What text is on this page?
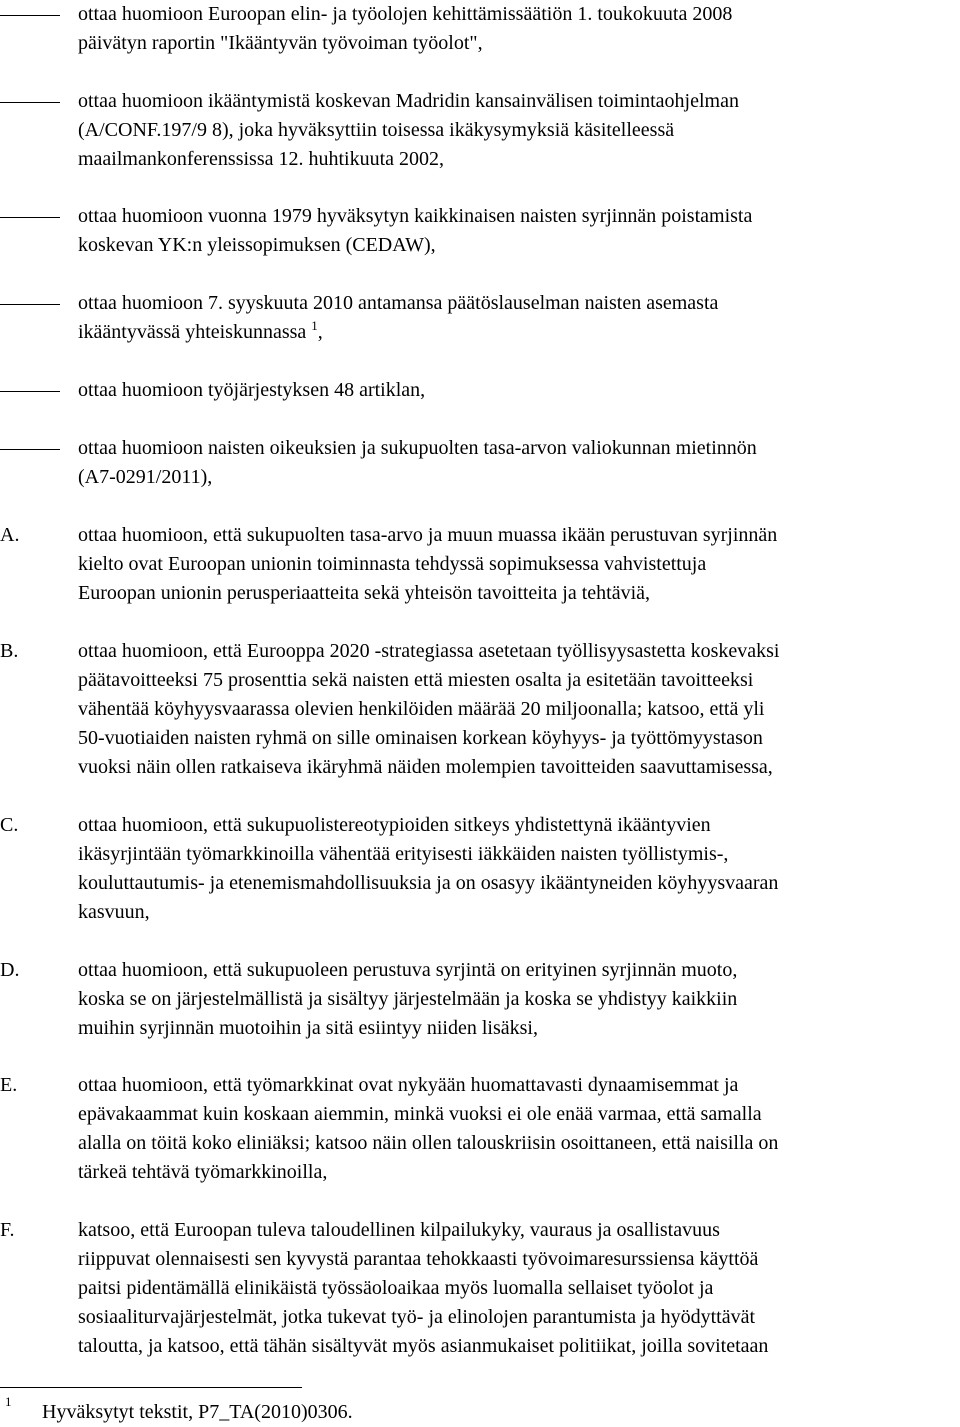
ottaa huomioon Euroopan elin- ja työolojen kehittämissäätiön 1. toukokuuta 2008
päivätyn raportin "Ikääntyvän työvoiman työolot",
ottaa huomioon ikääntymistä koskevan Madridin kansainvälisen toimintaohjelman
(A/CONF.197/9 8), joka hyväksyttiin toisessa ikäkysymyksiä käsitelleessä
maailmankonferenssissa 12. huhtikuuta 2002,
ottaa huomioon vuonna 1979 hyväksytyn kaikkinaisen naisten syrjinnän poistamista
koskevan YK:n yleissopimuksen (CEDAW),
ottaa huomioon 7. syyskuuta 2010 antamansa päätöslauselman naisten asemasta
ikääntyvässä yhteiskunnassa $^1$,
ottaa huomioon työjärjestyksen 48 artiklan,
ottaa huomioon naisten oikeuksien ja sukupuolten tasa-arvon valiokunnan mietinnön
(A7-0291/2011),
A.	ottaa huomioon, että sukupuolten tasa-arvo ja muun muassa ikään perustuvan syrjinnän
kielto ovat Euroopan unionin toiminnasta tehdyssä sopimuksessa vahvistettuja
Euroopan unionin perusperiaatteita sekä yhteisön tavoitteita ja tehtäviä,
B.	ottaa huomioon, että Eurooppa 2020 -strategiassa asetetaan työllisyysastetta koskevaksi
päätavoitteeksi 75 prosenttia sekä naisten että miesten osalta ja esitetään tavoitteeksi
vähentää köyhyysvaarassa olevien henkilöiden määrää 20 miljoonalla; katsoo, että yli
50-vuotiaiden naisten ryhmä on sille ominaisen korkean köyhyys- ja työttömyystason
vuoksi näin ollen ratkaiseva ikäryhmä näiden molempien tavoitteiden saavuttamisessa,
C.	ottaa huomioon, että sukupuolistereotypioiden sitkeys yhdistettynä ikääntyvien
ikäsyrjintään työmarkkinoilla vähentää erityisesti iäkkäiden naisten työllistymis-,
kouluttautumis- ja etenemismahdollisuuksia ja on osasyy ikääntyneiden köyhyysvaaran
kasvuun,
D.	ottaa huomioon, että sukupuoleen perustuva syrjintä on erityinen syrjinnän muoto,
koska se on järjestelmällistä ja sisältyy järjestelmään ja koska se yhdistyy kaikkiin
muihin syrjinnän muotoihin ja sitä esiintyy niiden lisäksi,
E.	ottaa huomioon, että työmarkkinat ovat nykyään huomattavasti dynaamisemmat ja
epävakaammat kuin koskaan aiemmin, minkä vuoksi ei ole enää varmaa, että samalla
alalla on töitä koko eliniäksi; katsoo näin ollen talouskriisin osoittaneen, että naisilla on
tärkeä tehtävä työmarkkinoilla,
F.	katsoo, että Euroopan tuleva taloudellinen kilpailukyky, vauraus ja osallistavuus
riippuvat olennaisesti sen kyvystä parantaa tehokkaasti työvoimaresurssiensa käyttöä
paitsi pidentämällä elinikäistä työssäoloaikaa myös luomalla sellaiset työolot ja
sosiaaliturvajärjestelmät, jotka tukevat työ- ja elinolojen parantumista ja hyödyttävät
taloutta, ja katsoo, että tähän sisältyvät myös asianmukaiset politiikat, joilla sovitetaan
1 Hyväksytyt tekstit, P7_TA(2010)0306.
